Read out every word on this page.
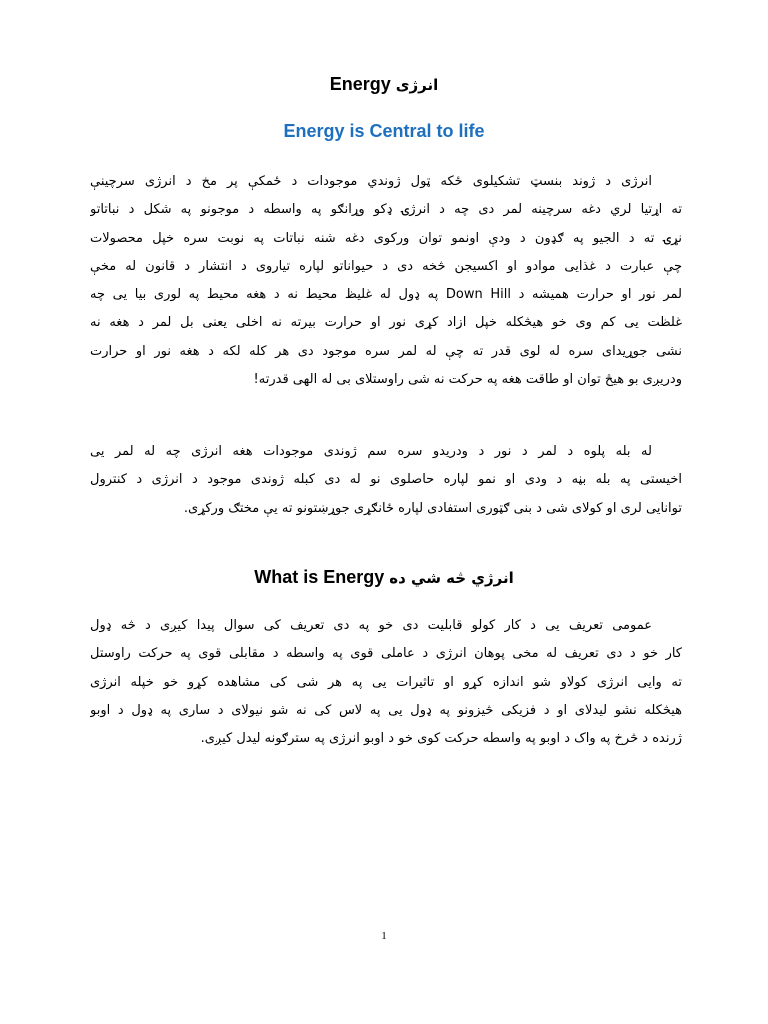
Energy انرژی
Energy is Central to life
انرژی د ژوند بنسټ تشکیلوی ځکه ټول ژوندي موجودات د ځمکې پر مخ د انرژی سرچینې
ته اړتیا لري دغه سرچینه لمر دی چه د انرژۍ ډکو وړانګو په واسطه د موجونو په شکل د نباتاتو
نړۍ ته د الجیو په ګډون د ودې اونمو توان ورکوی دغه شنه نباتات په نوبت سره خپل محصولات
چې عبارت د غذایی موادو او اکسیجن څخه دی د حیواناتو لپاره تیاروی د انتشار د قانون له مخې
لمر نور او حرارت همیشه د Down Hill په ډول له غلیظ محیط نه د هغه محیط په لوری بیا یی چه
غلظت یی کم وی خو هیڅکله خپل ازاد کړی نور او حرارت بیرته نه اخلی یعنی بل لمر د هغه نه
نشی جوړیدای سره له لوی قدر ته چې له لمر سره موجود دی هر کله لکه د هغه نور او حرارت
ودریږی بو هیڅ توان او طاقت هغه په حرکت نه شی راوستلای بی له الهی قدرته!
له بله پلوه د لمر د نور د ودریدو سره سم ژوندی موجودات هغه انرژی چه له لمر یی
اخیستی په بله بڼه د ودی او نمو لپاره حاصلوی نو له دی کبله ژوندی موجود د انرژی د کنترول
توانایی لری او کولای شی د بنی ګټوری استفادی لپاره ځانګړی جوړښتونو ته یې مختګ ورکړی.
What is Energy انرژي څه شي ده
عمومی تعریف یی د کار کولو قابلیت دی خو په دی تعریف کی سوال پیدا کیږی د څه ډول
کار خو د دی تعریف له مخی پوهان انرژی د عاملی قوی په واسطه د مقابلی قوی په حرکت راوستل
ته وایی انرژی کولاو شو اندازه کړو او تاثیرات یی په هر شی کی مشاهده کړو خو خپله انرژی
هیڅکله نشو لیدلای او د فزیکی څیزونو په ډول یی په لاس کی نه شو نیولای د ساری په ډول د اوبو
ژرنده د څرخ په واک د اوبو په واسطه حرکت کوی خو د اوبو انرژی په سترګونه لیدل کیږی.
1
